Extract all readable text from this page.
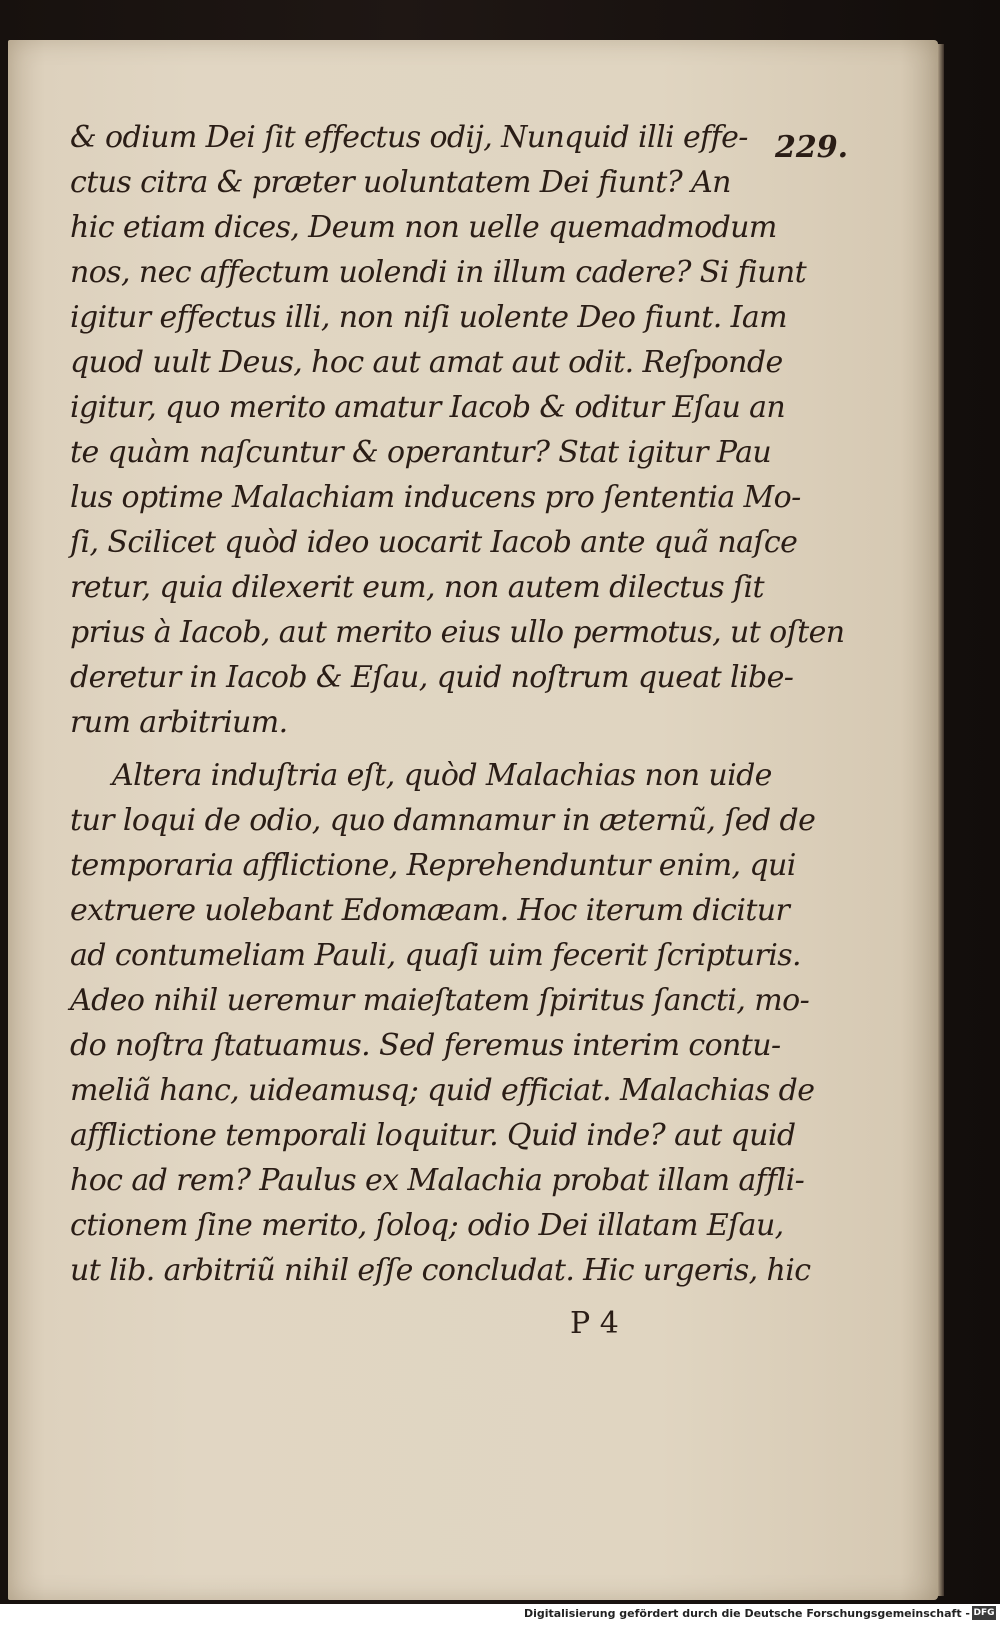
229.
& odium Dei ſit effectus odij, Nunquid illi effe-
ctus citra & præter uoluntatem Dei fiunt? An
hic etiam dices, Deum non uelle quemadmodum
nos, nec affectum uolendi in illum cadere? Si fiunt
igitur effectus illi, non niſi uolente Deo fiunt. Iam
quod uult Deus, hoc aut amat aut odit. Reſponde
igitur, quo merito amatur Iacob & oditur Eſau an
te quàm naſcuntur & operantur? Stat igitur Pau
lus optime Malachiam inducens pro ſententia Mo-
ſi, Scilicet quòd ideo uocarit Iacob ante quã naſce
retur, quia dilexerit eum, non autem dilectus ſit
prius à Iacob, aut merito eius ullo permotus, ut oſten
deretur in Iacob & Eſau, quid noſtrum queat libe-
rum arbitrium.
Altera induſtria eſt, quòd Malachias non uide
tur loqui de odio, quo damnamur in æternũ, ſed de
temporaria afflictione, Reprehenduntur enim, qui
extruere uolebant Edomæam. Hoc iterum dicitur
ad contumeliam Pauli, quaſi uim fecerit ſcripturis.
Adeo nihil ueremur maieſtatem ſpiritus ſancti, mo-
do noſtra ſtatuamus. Sed feremus interim contu-
meliã hanc, uideamusq; quid efficiat. Malachias de
afflictione temporali loquitur. Quid inde? aut quid
hoc ad rem? Paulus ex Malachia probat illam affli-
ctionem ſine merito, ſoloq; odio Dei illatam Eſau,
ut lib. arbitriũ nihil eſſe concludat. Hic urgeris, hic
P 4
Digitalisierung gefördert durch die Deutsche Forschungsgemeinschaft - DFG
